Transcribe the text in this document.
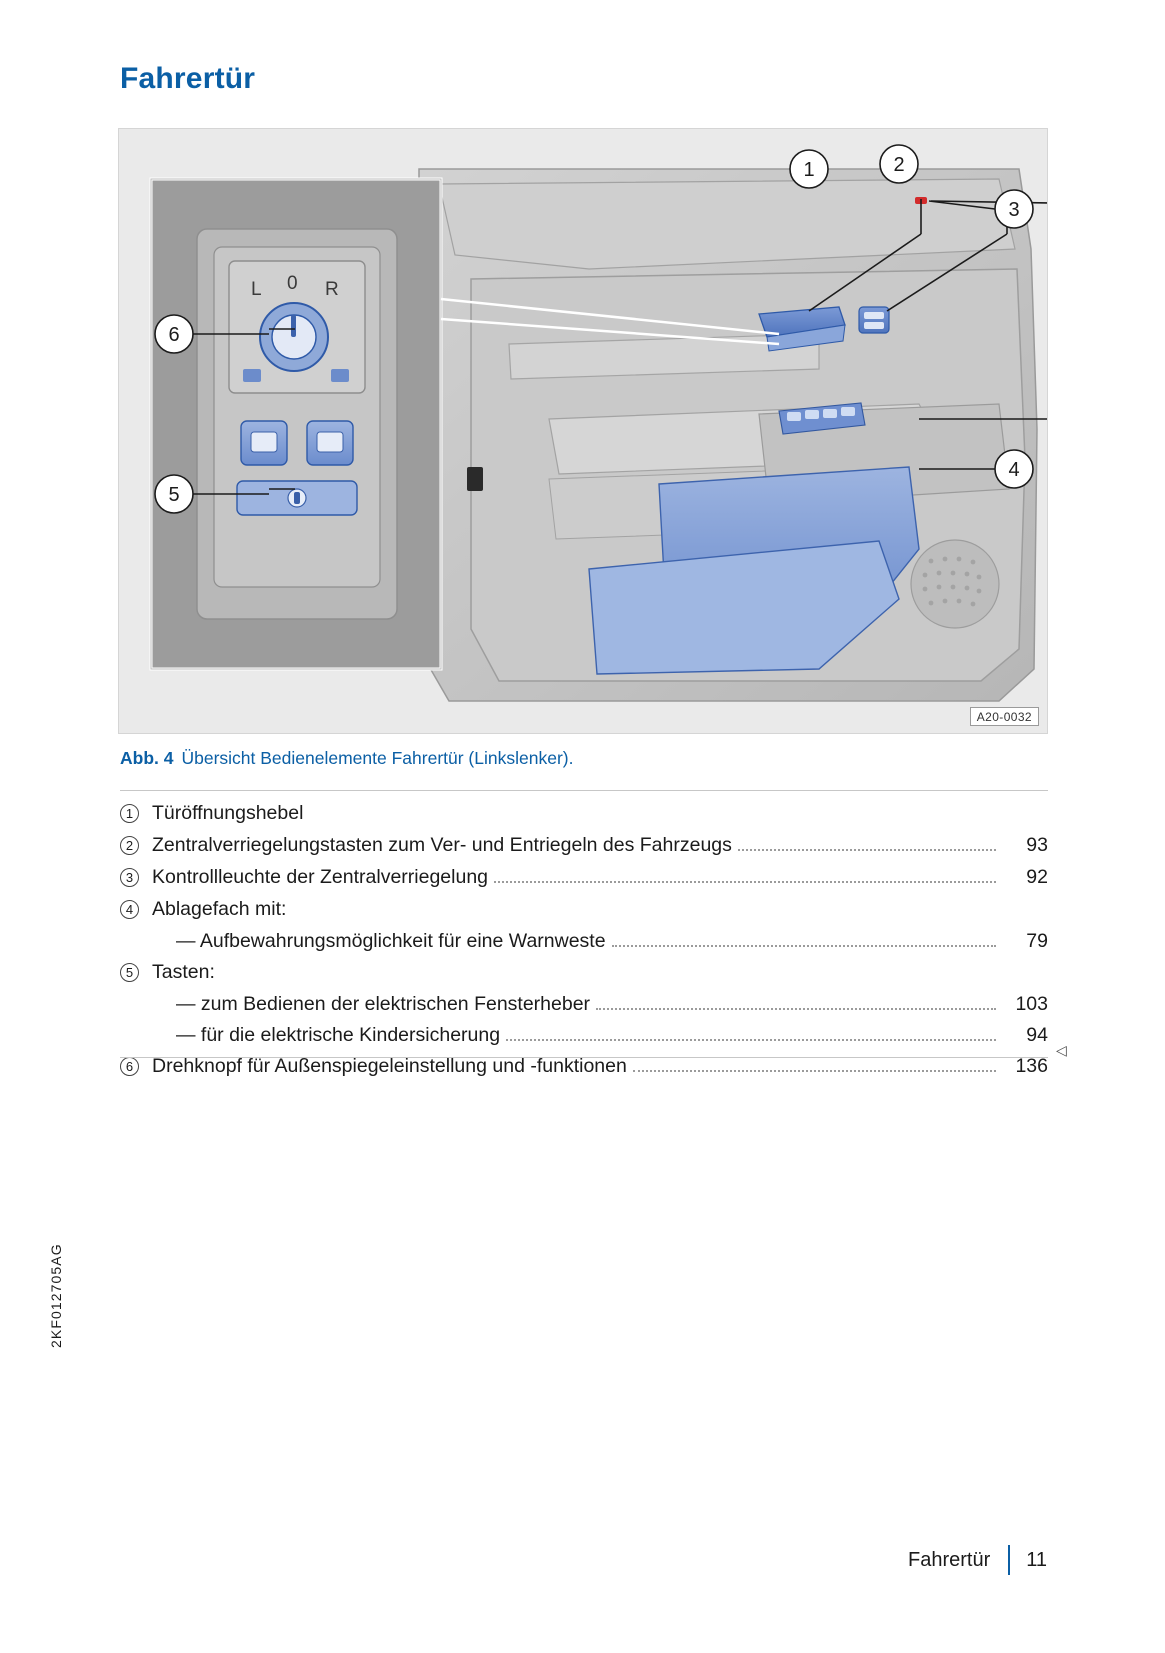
Fahrertür
L 0 R
1	2
3
4
5
6
A20-0032
Abb. 4 Übersicht Bedienelemente Fahrertür (Linkslenker).
1 Türöffnungshebel
2 Zentralverriegelungstasten zum Ver- und Entriegeln des Fahrzeugs	93
3 Kontrollleuchte der Zentralverriegelung	92
4 Ablagefach mit:
— Aufbewahrungsmöglichkeit für eine Warnweste	79
5 Tasten:
— zum Bedienen der elektrischen Fensterheber	103
— für die elektrische Kindersicherung	94
6 Drehknopf für Außenspiegeleinstellung und -funktionen	136
◁
2KF012705AG
Fahrertür 11
